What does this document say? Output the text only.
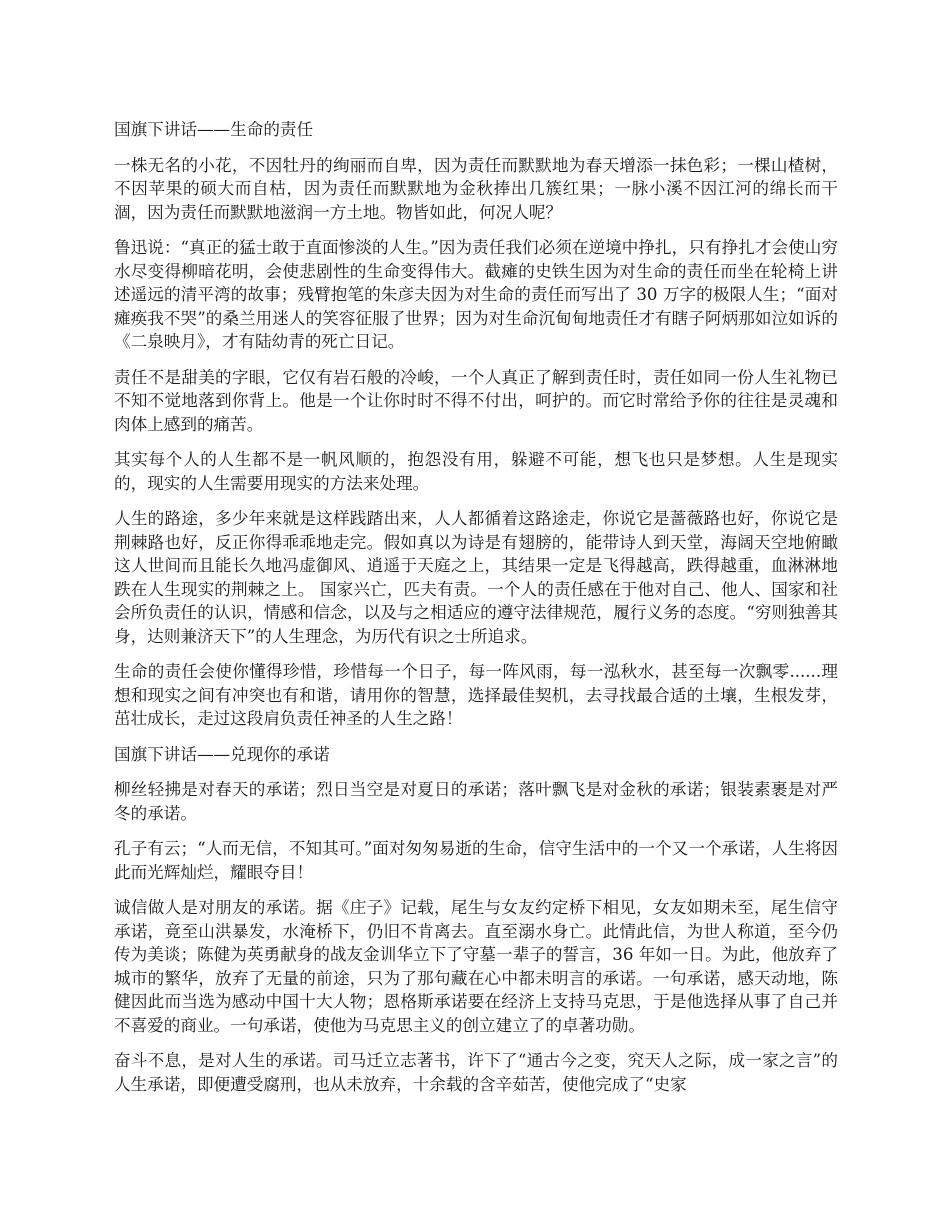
国旗下讲话——生命的责任

一株无名的小花，不因牡丹的绚丽而自卑，因为责任而默默地为春天增添一抹色彩；一棵山楂树，不因苹果的硕大而自枯，因为责任而默默地为金秋捧出几簇红果；一脉小溪不因江河的绵长而干涸，因为责任而默默地滋润一方土地。物皆如此，何况人呢？

鲁迅说：“真正的猛士敢于直面惨淡的人生。”因为责任我们必须在逆境中挣扎，只有挣扎才会使山穷水尽变得柳暗花明，会使悲剧性的生命变得伟大。截瘫的史铁生因为对生命的责任而坐在轮椅上讲述遥远的清平湾的故事；残臂抱笔的朱彦夫因为对生命的责任而写出了 30 万字的极限人生；“面对瘫痪我不哭”的桑兰用迷人的笑容征服了世界；因为对生命沉甸甸地责任才有瞎子阿炳那如泣如诉的《二泉映月》，才有陆幼青的死亡日记。

责任不是甜美的字眼，它仅有岩石般的冷峻，一个人真正了解到责任时，责任如同一份人生礼物已不知不觉地落到你背上。他是一个让你时时不得不付出，呵护的。而它时常给予你的往往是灵魂和肉体上感到的痛苦。

其实每个人的人生都不是一帆风顺的，抱怨没有用，躲避不可能，想飞也只是梦想。人生是现实的，现实的人生需要用现实的方法来处理。

人生的路途，多少年来就是这样践踏出来，人人都循着这路途走，你说它是蔷薇路也好，你说它是荆棘路也好，反正你得乖乖地走完。假如真以为诗是有翅膀的，能带诗人到天堂，海阔天空地俯瞰这人世间而且能长久地冯虚御风、逍遥于天庭之上，其结果一定是飞得越高，跌得越重，血淋淋地跌在人生现实的荆棘之上。 国家兴亡，匹夫有责。一个人的责任感在于他对自己、他人、国家和社会所负责任的认识，情感和信念，以及与之相适应的遵守法律规范，履行义务的态度。“穷则独善其身，达则兼济天下”的人生理念，为历代有识之士所追求。

生命的责任会使你懂得珍惜，珍惜每一个日子，每一阵风雨，每一泓秋水，甚至每一次飘零......理想和现实之间有冲突也有和谐，请用你的智慧，选择最佳契机，去寻找最合适的土壤，生根发芽，茁壮成长，走过这段肩负责任神圣的人生之路！

国旗下讲话——兑现你的承诺

柳丝轻拂是对春天的承诺；烈日当空是对夏日的承诺；落叶飘飞是对金秋的承诺；银装素裹是对严冬的承诺。

孔子有云；“人而无信，不知其可。”面对匆匆易逝的生命，信守生活中的一个又一个承诺，人生将因此而光辉灿烂，耀眼夺目！

诚信做人是对朋友的承诺。据《庄子》记载，尾生与女友约定桥下相见，女友如期未至，尾生信守承诺，竟至山洪暴发，水淹桥下，仍旧不肯离去。直至溺水身亡。此情此信，为世人称道，至今仍传为美谈；陈健为英勇献身的战友金训华立下了守墓一辈子的誓言，36 年如一日。为此，他放弃了城市的繁华，放弃了无量的前途，只为了那句藏在心中都未明言的承诺。一句承诺，感天动地，陈健因此而当选为感动中国十大人物；恩格斯承诺要在经济上支持马克思，于是他选择从事了自己并不喜爱的商业。一句承诺，使他为马克思主义的创立建立了的卓著功勋。

奋斗不息，是对人生的承诺。司马迁立志著书，许下了“通古今之变，究天人之际，成一家之言”的人生承诺，即便遭受腐刑，也从未放弃，十余载的含辛茹苦，使他完成了“史家
